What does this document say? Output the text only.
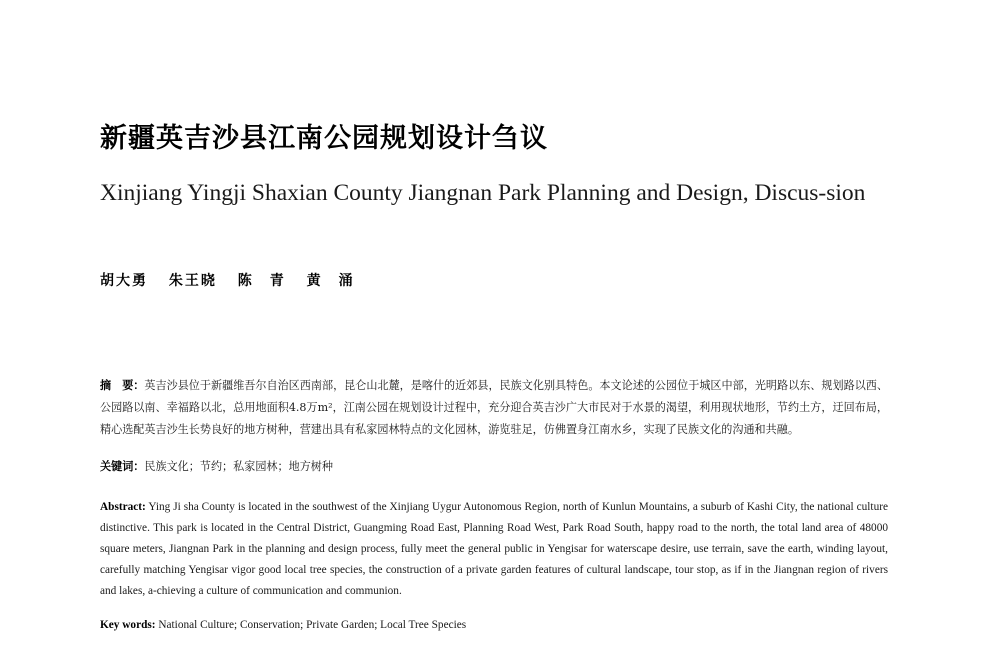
新疆英吉沙县江南公园规划设计刍议
Xinjiang Yingji Shaxian County Jiangnan Park Planning and Design, Discus-sion
胡大勇 朱王晓 陈　青 黄　涌
摘　要：英吉沙县位于新疆维吾尔自治区西南部，昆仑山北麓，是喀什的近郊县，民族文化别具特色。本文论述的公园位于城区中部，光明路以东、规划路以西、公园路以南、幸福路以北，总用地面积4.8万m²，江南公园在规划设计过程中，充分迎合英吉沙广大市民对于水景的渴望，利用现状地形，节约土方，迂回布局，精心选配英吉沙生长势良好的地方树种，营建出具有私家园林特点的文化园林，游览驻足，仿佛置身江南水乡，实现了民族文化的沟通和共融。
关键词：民族文化；节约；私家园林；地方树种
Abstract: Ying Ji sha County is located in the southwest of the Xinjiang Uygur Autonomous Region, north of Kunlun Mountains, a suburb of Kashi City, the national culture distinctive. This park is located in the Central District, Guangming Road East, Planning Road West, Park Road South, happy road to the north, the total land area of 48000 square meters, Jiangnan Park in the planning and design process, fully meet the general public in Yengisar for waterscape desire, use terrain, save the earth, winding layout, carefully matching Yengisar vigor good local tree species, the construction of a private garden features of cultural landscape, tour stop, as if in the Jiangnan region of rivers and lakes, a-chieving a culture of communication and communion.
Key words: National Culture; Conservation; Private Garden; Local Tree Species
